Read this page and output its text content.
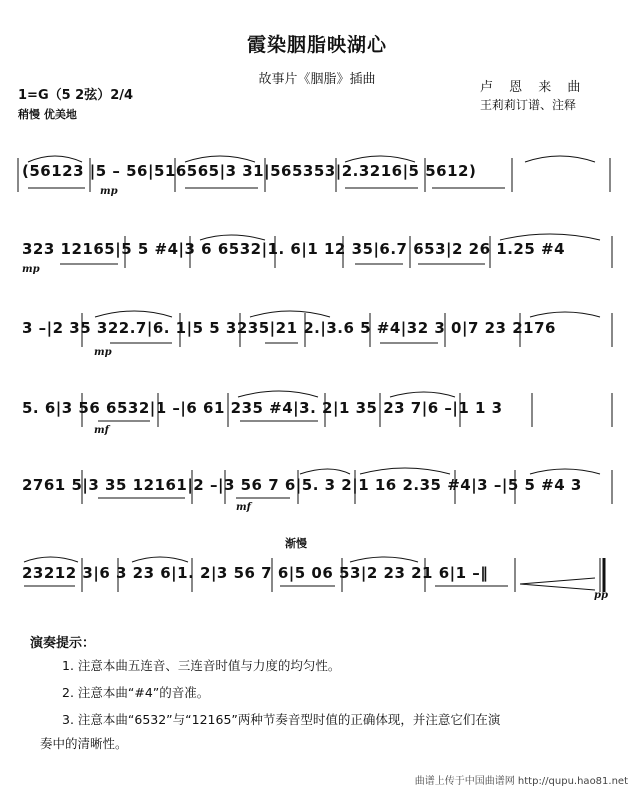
霞染胭脂映湖心
故事片《胭脂》插曲
卢 恩 来 曲
王莉莉订谱、注释
1=G（5 2弦）2/4
稍慢 优美地
(56123 |5 – 56|516565|3 31|565353|2.3216|5 5612)
mp
323 12165|5 5 #4|3 6 6532|1. 6|1 12 35|6.7 653|2 26 1.25 #4
mp
3 –|2 35 322.7|6. 1|5 5 3235|21 2.|3.6 5 #4|32 3 0|7 23 2176
mp
5. 6|3 56 6532|1 –|6 61 235 #4|3. 2|1 35 23 7|6 –|1 1 3
mf
2761 5|3 35 12161|2 –|3 56 7 6|5. 3 2|1 16 2.35 #4|3 –|5 5 #4 3
mf
渐慢
23212 3|6 3 23 6|1. 2|3 56 7 6|5 06 53|2 23 21 6|1 –‖
pp
演奏提示：
1. 注意本曲五连音、三连音时值与力度的均匀性。
2. 注意本曲“#4”的音准。
3. 注意本曲“6532”与“12165”两种节奏音型时值的正确体现，并注意它们在演
奏中的清晰性。
曲谱上传于中国曲谱网 http://qupu.hao81.net
